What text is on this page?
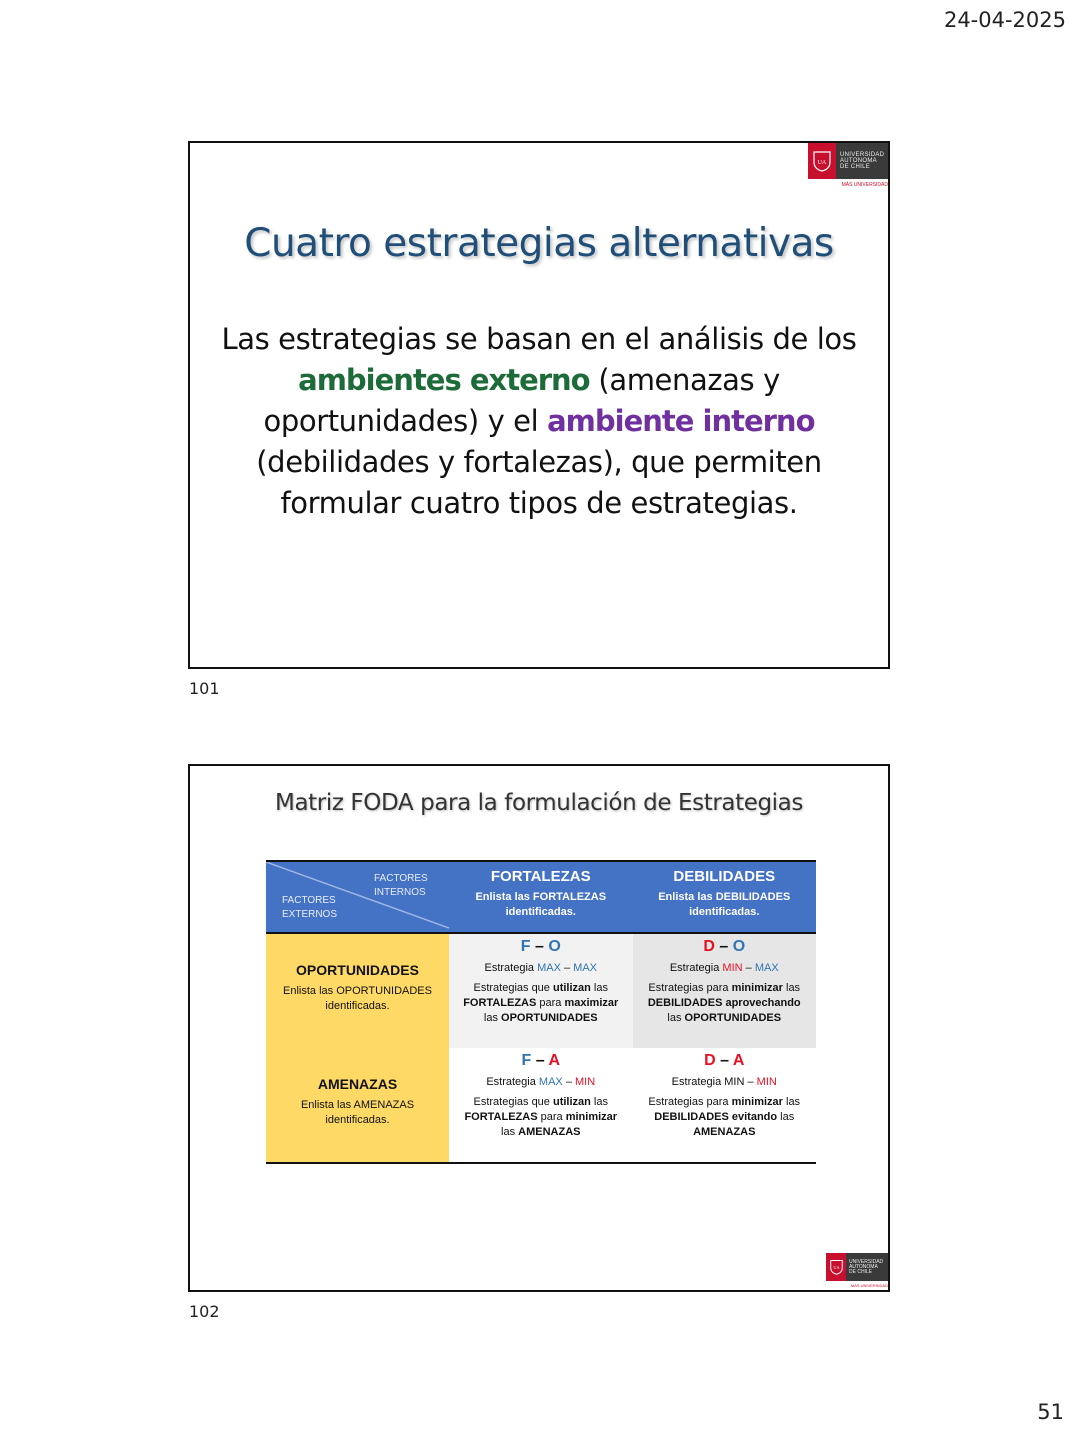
24-04-2025
UA
UNIVERSIDAD
AUTONOMA
DE CHILE
MÁS UNIVERSIDAD
Cuatro estrategias alternativas
Las estrategias se basan en el análisis de los ambientes externo (amenazas y oportunidades) y el ambiente interno (debilidades y fortalezas), que permiten formular cuatro tipos de estrategias.
101
Matriz FODA para la formulación de Estrategias
FACTORES
INTERNOS
FACTORES
EXTERNOS
FORTALEZAS
Enlista las FORTALEZAS
identificadas.
DEBILIDADES
Enlista las DEBILIDADES
identificadas.
OPORTUNIDADES
Enlista las OPORTUNIDADES
identificadas.
AMENAZAS
Enlista las AMENAZAS
identificadas.
F – O
Estrategia MAX – MAX
Estrategias que utilizan las
FORTALEZAS para maximizar
las OPORTUNIDADES
D – O
Estrategia MIN – MAX
Estrategias para minimizar las
DEBILIDADES aprovechando
las OPORTUNIDADES
F – A
Estrategia MAX – MIN
Estrategias que utilizan las
FORTALEZAS para minimizar
las AMENAZAS
D – A
Estrategia MIN – MIN
Estrategias para minimizar las
DEBILIDADES evitando las
AMENAZAS
UA
UNIVERSIDAD
AUTONOMA
DE CHILE
MÁS UNIVERSIDAD
102
51
